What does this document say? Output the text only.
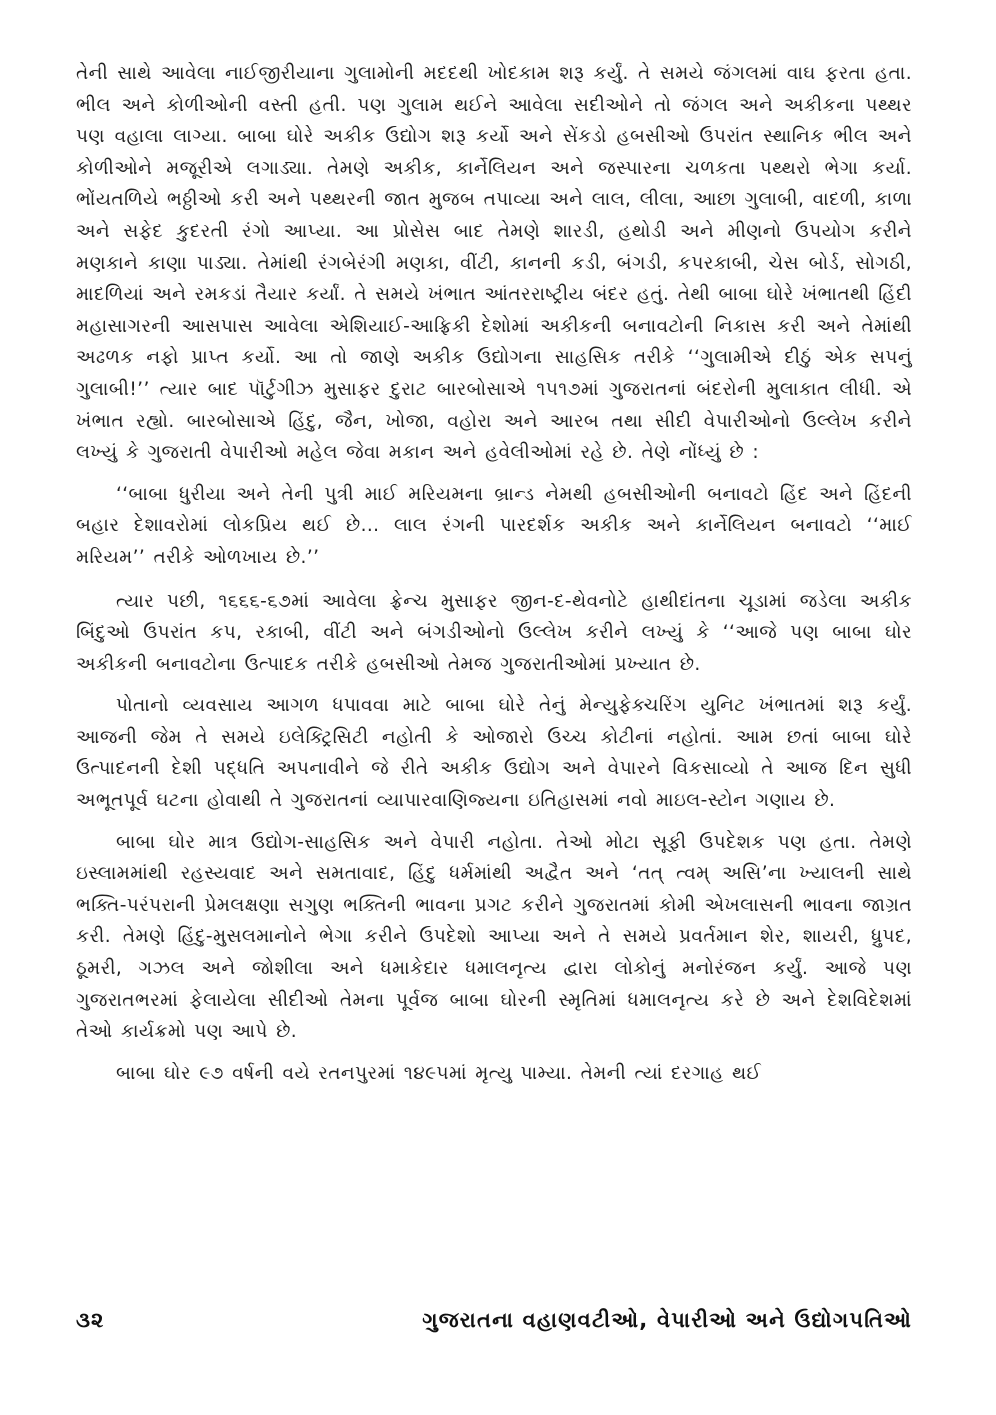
તેની સાથે આવેલા નાઈજીરીયાના ગુલામોની મદદથી ખોદકામ શરૂ કર્યું. તે સમયે જંગલમાં વાઘ ફરતા હતા. ભીલ અને કોળીઓની વસ્તી હતી. પણ ગુલામ થઈને આવેલા સદીઓને તો જંગલ અને અકીકના પથ્થર પણ વહાલા લાગ્યા. બાબા ઘોરે અકીક ઉદ્યોગ શરૂ કર્યો અને સેંકડો હબસીઓ ઉપરાંત સ્થાનિક ભીલ અને કોળીઓને મજૂરીએ લગાડ્યા. તેમણે અકીક, કાર્નેલિયન અને જસ્પારના ચળકતા પથ્થરો ભેગા કર્યા. ભોંયતળિયે ભઠ્ઠીઓ કરી અને પથ્થરની જાત મુજબ તપાવ્યા અને લાલ, લીલા, આછા ગુલાબી, વાદળી, કાળા અને સફેદ કુદરતી રંગો આપ્યા. આ પ્રોસેસ બાદ તેમણે શારડી, હથોડી અને મીણનો ઉપયોગ કરીને મણકાને કાણા પાડ્યા. તેમાંથી રંગબેરંગી મણકા, વીંટી, કાનની કડી, બંગડી, કપરકાબી, ચેસ બોર્ડ, સોગઠી, માદળિયાં અને રમકડાં તૈયાર કર્યાં. તે સમયે ખંભાત આંતરરાષ્ટ્રીય બંદર હતું. તેથી બાબા ઘોરે ખંભાતથી હિંદી મહાસાગરની આસપાસ આવેલા એશિયાઈ-આફ્રિકી દેશોમાં અકીકની બનાવટોની નિકાસ કરી અને તેમાંથી અઢળક નફો પ્રાપ્ત કર્યો. આ તો જાણે અકીક ઉદ્યોગના સાહસિક તરીકે ‘‘ગુલામીએ દીઠું એક સપનું ગુલાબી!’’ ત્યાર બાદ પૉર્ટુગીઝ મુસાફર દુરાટ બારબોસાએ ૧૫૧૭માં ગુજરાતનાં બંદરોની મુલાકાત લીધી. એ ખંભાત રહ્યો. બારબોસાએ હિંદુ, જૈન, ખોજા, વહોરા અને આરબ તથા સીદી વેપારીઓનો ઉલ્લેખ કરીને લખ્યું કે ગુજરાતી વેપારીઓ મહેલ જેવા મકાન અને હવેલીઓમાં રહે છે. તેણે નોંધ્યું છે :

‘‘બાબા ધુરીયા અને તેની પુત્રી માઈ મરિયમના બ્રાન્ડ નેમથી હબસીઓની બનાવટો હિંદ અને હિંદની બહાર દેશાવરોમાં લોકપ્રિય થઈ છે... લાલ રંગની પારદર્શક અકીક અને કાર્નેલિયન બનાવટો ‘‘માઈ મરિયમ’’ તરીકે ઓળખાય છે.’’

ત્યાર પછી, ૧૬૬૬-૬૭માં આવેલા ફ્રેન્ચ મુસાફર જીન-દ-થેવનોટે હાથીદાંતના ચૂડામાં જડેલા અકીક બિંદુઓ ઉપરાંત કપ, રકાબી, વીંટી અને બંગડીઓનો ઉલ્લેખ કરીને લખ્યું કે ‘‘આજે પણ બાબા ઘોર અકીકની બનાવટોના ઉત્પાદક તરીકે હબસીઓ તેમજ ગુજરાતીઓમાં પ્રખ્યાત છે.

પોતાનો વ્યવસાય આગળ ધપાવવા માટે બાબા ઘોરે તેનું મેન્યુફેક્ચરિંગ યુનિટ ખંભાતમાં શરૂ કર્યું. આજની જેમ તે સમયે ઇલેક્ટ્રિસિટી નહોતી કે ઓજારો ઉચ્ચ કોટીનાં નહોતાં. આમ છતાં બાબા ઘોરે ઉત્પાદનની દેશી પદ્ધતિ અપનાવીને જે રીતે અકીક ઉદ્યોગ અને વેપારને વિકસાવ્યો તે આજ દિન સુધી અભૂતપૂર્વ ઘટના હોવાથી તે ગુજરાતનાં વ્યાપારવાણિજ્યના ઇતિહાસમાં નવો માઇલ-સ્ટોન ગણાય છે.

બાબા ઘોર માત્ર ઉદ્યોગ-સાહસિક અને વેપારી નહોતા. તેઓ મોટા સૂફી ઉપદેશક પણ હતા. તેમણે ઇસ્લામમાંથી રહસ્યવાદ અને સમતાવાદ, હિંદુ ધર્મમાંથી અદ્વૈત અને ‘તત્ ત્વમ્ અસિ’ના ખ્યાલની સાથે ભક્તિ-પરંપરાની પ્રેમલક્ષણા સગુણ ભક્તિની ભાવના પ્રગટ કરીને ગુજરાતમાં કોમી એખલાસની ભાવના જાગ્રત કરી. તેમણે હિંદુ-મુસલમાનોને ભેગા કરીને ઉપદેશો આપ્યા અને તે સમયે પ્રવર્તમાન શેર, શાયરી, ધ્રુપદ, ઠૂમરી, ગઝલ અને જોશીલા અને ધમાકેદાર ધમાલનૃત્ય દ્વારા લોકોનું મનોરંજન કર્યું. આજે પણ ગુજરાતભરમાં ફેલાયેલા સીદીઓ તેમના પૂર્વજ બાબા ઘોરની સ્મૃતિમાં ધમાલનૃત્ય કરે છે અને દેશવિદેશમાં તેઓ કાર્યક્રમો પણ આપે છે.

બાબા ઘોર ૯૭ વર્ષની વયે રતનપુરમાં ૧૪૯૫માં મૃત્યુ પામ્યા. તેમની ત્યાં દરગાહ થઈ

૩૨	ગુજરાતના વહાણવટીઓ, વેપારીઓ અને ઉદ્યોગપતિઓ
